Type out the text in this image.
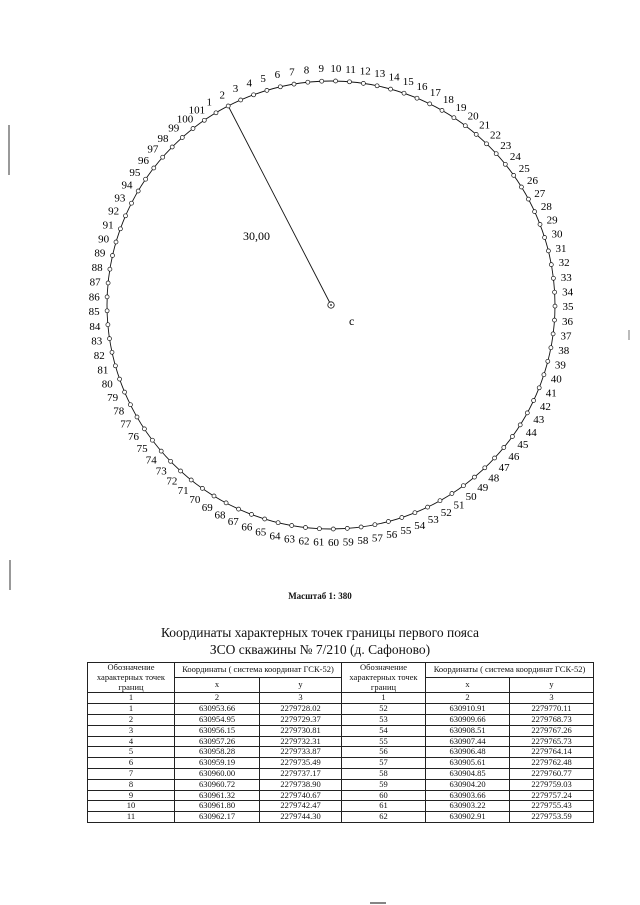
30,00
с
1
2
3 4 5 6 7 8 9 10 11 12 13 14 15 16 17
18
19
20
21
22
23
24
25
26
27
28
29
30
31
32
33
34
35
36
37
38
39
40
41
42
43
44
45
46
47
48
49
50
51
52
53
54
55
56
57
58
59
60
61
62
63
64
65
66
67
68
69
70
71
72
73
74
75
76
77
78
79
80
81
82
83
84
85
86
87
88
89
90
91
92
93
94
95
96
97
98
99
100
101
Масштаб 1: 380
Координаты характерных точек границы первого пояса
ЗСО скважины № 7/210 (д. Сафоново)
Обозначение характерных точек границ	Координаты ( система координат ГСК-52)		Обозначение характерных точек границ	Координаты ( система координат ГСК-52)	
	x	y		x	y
1	2	3	1	2	3
1	630953.66	2279728.02	52	630910.91	2279770.11
2	630954.95	2279729.37	53	630909.66	2279768.73
3	630956.15	2279730.81	54	630908.51	2279767.26
4	630957.26	2279732.31	55	630907.44	2279765.73
5	630958.28	2279733.87	56	630906.48	2279764.14
6	630959.19	2279735.49	57	630905.61	2279762.48
7	630960.00	2279737.17	58	630904.85	2279760.77
8	630960.72	2279738.90	59	630904.20	2279759.03
9	630961.32	2279740.67	60	630903.66	2279757.24
10	630961.80	2279742.47	61	630903.22	2279755.43
11	630962.17	2279744.30	62	630902.91	2279753.59
